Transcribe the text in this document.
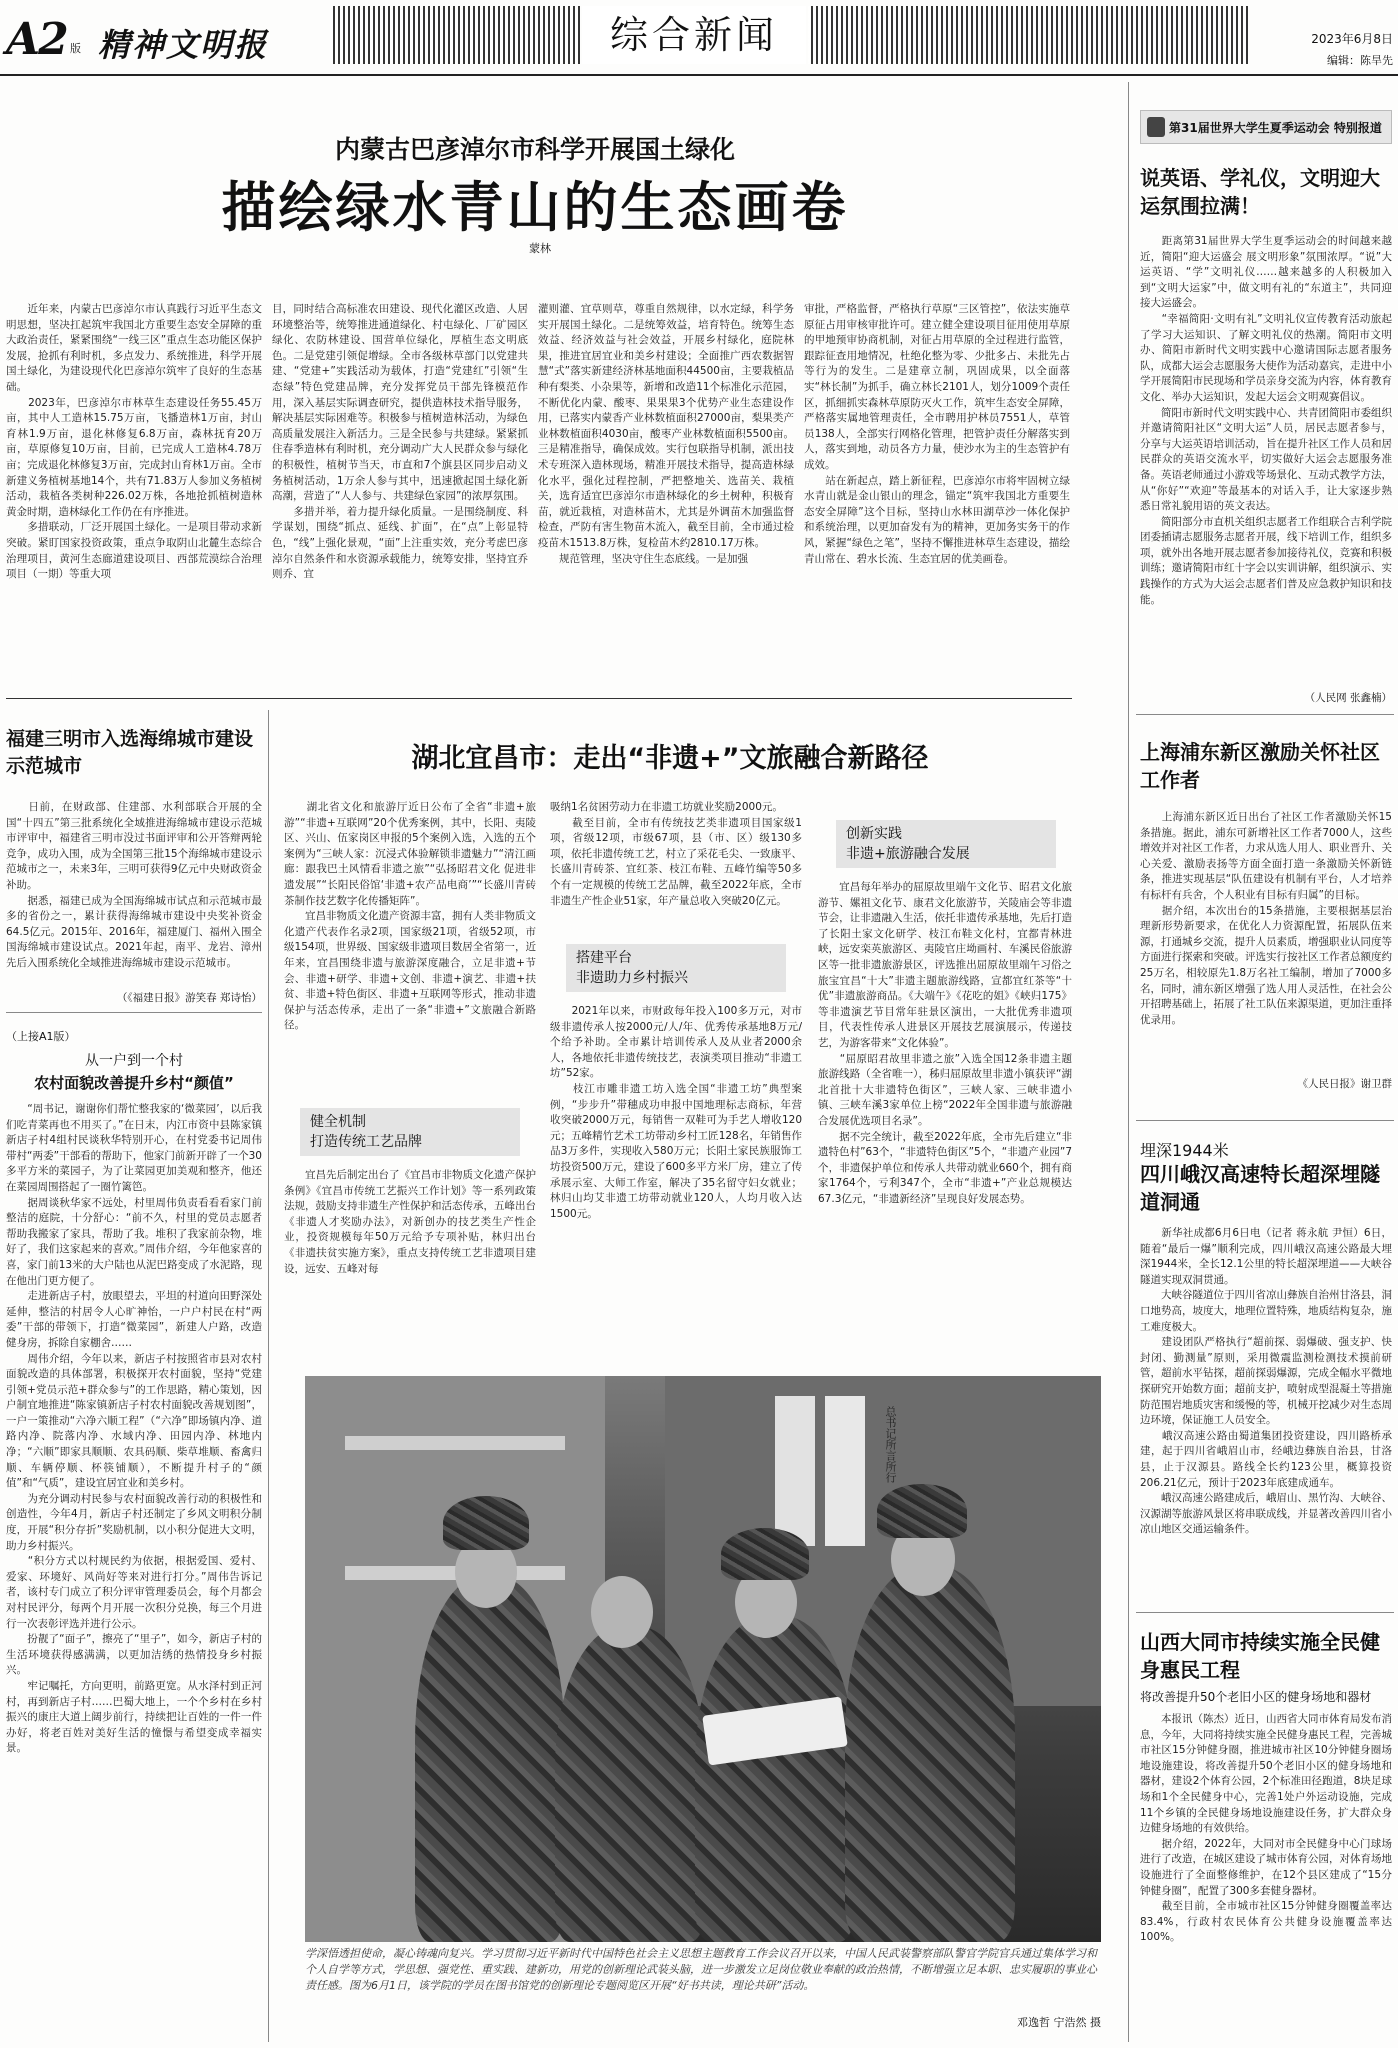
A2 版 精神文明报	综合新闻	2023年6月8日
编辑：陈旱先
内蒙古巴彦淖尔市科学开展国土绿化
描绘绿水青山的生态画卷
蒙林
　　近年来，内蒙古巴彦淖尔市认真践行习近平生态文明思想，坚决扛起筑牢我国北方重要生态安全屏障的重大政治责任，紧紧围绕“一线三区”重点生态功能区保护发展，抢抓有利时机，多点发力、系统推进，科学开展国土绿化，为建设现代化巴彦淖尔筑牢了良好的生态基础。
　　2023年，巴彦淖尔市林草生态建设任务55.45万亩，其中人工造林15.75万亩，飞播造林1万亩，封山育林1.9万亩，退化林修复6.8万亩，森林抚育20万亩，草原修复10万亩，目前，已完成人工造林4.78万亩；完成退化林修复3万亩，完成封山育林1万亩。全市新建义务植树基地14个，共有71.83万人参加义务植树活动，栽植各类树种226.02万株，各地抢抓植树造林黄金时期，造林绿化工作仍在有序推进。
　　多措联动，厂泛开展国土绿化。一是项目带动求新突破。紧盯国家投资政策，重点争取阴山北麓生态综合治理项目，黄河生态廊道建设项目、西部荒漠综合治理项目（一期）等重大项
目，同时结合高标准农田建设、现代化灌区改造、人居环境整治等，统筹推进通道绿化、村屯绿化、厂矿园区绿化、农防林建设、国营单位绿化，厚植生态文明底色。二是党建引领促增绿。全市各级林草部门以党建共建、“党建+”实践活动为载体，打造“党建红”引领“生态绿”特色党建品牌，充分发挥党员干部先锋模范作用，深入基层实际调查研究，提供造林技术指导服务，解决基层实际困难等。积极参与植树造林活动，为绿色高质量发展注入新活力。三是全民参与共建绿。紧紧抓住春季造林有利时机，充分调动广大人民群众参与绿化的积极性，植树节当天，市直和7个旗县区同步启动义务植树活动，1万余人参与其中，迅速掀起国土绿化新高潮，营造了“人人参与、共建绿色家园”的浓厚氛围。
　　多措并举，着力提升绿化质量。一是围绕制度、科学谋划，围绕“抓点、延线、扩面”，在“点”上彰显特色，“线”上强化景观，“面”上注重实效，充分考虑巴彦淖尔自然条件和水资源承载能力，统筹安排，坚持宜乔则乔、宜
灌则灌、宜草则草，尊重自然规律，以水定绿，科学务实开展国土绿化。二是统筹效益，培育特色。统筹生态效益、经济效益与社会效益，开展乡村绿化，庭院林果，推进宜居宜业和美乡村建设；全面推广西农数据智慧“式”落实新建经济林基地面积44500亩，主要栽植品种有梨类、小杂果等，新增和改造11个标准化示范园，不断优化内蒙、酸枣、果果果3个优势产业生态建设作用，已落实内蒙香产业林数植面积27000亩，梨果类产业林数植面积4030亩，酸枣产业林数植面积5500亩。三是精准指导，确保成效。实行包联指导机制，派出技术专班深入造林现场，精准开展技术指导，提高造林绿化水平，强化过程控制，严把整地关、选苗关、栽植关，选育适宜巴彦淖尔市造林绿化的乡土树种，积极育苗，就近栽植，对造林苗木，尤其是外调苗木加强监督检查，严防有害生物苗木流入，截至目前，全市通过检疫苗木1513.8万株，复检苗木约2810.17万株。
　　规范管理，坚决守住生态底线。一是加强
审批，严格监督，严格执行草原“三区管控”，依法实施草原征占用审核审批许可。建立健全建设项目征用使用草原的甲地预审协商机制，对征占用草原的全过程进行监管，跟踪征查用地情况，杜绝化整为零、少批多占、未批先占等行为的发生。二是建章立制，巩固成果，以全面落实“林长制”为抓手，确立林长2101人，划分1009个责任区，抓细抓实森林草原防灭火工作，筑牢生态安全屏障，严格落实属地管理责任，全市聘用护林员7551人，草管员138人，全部实行网格化管理，把管护责任分解落实到人，落实到地，动员各方力量，使沙水为主的生态管护有成效。
　　站在新起点，踏上新征程，巴彦淖尔市将牢固树立绿水青山就是金山银山的理念，锚定“筑牢我国北方重要生态安全屏障”这个目标，坚持山水林田湖草沙一体化保护和系统治理，以更加奋发有为的精神，更加务实务干的作风，紧握“绿色之笔”，坚持不懈推进林草生态建设，描绘青山常在、碧水长流、生态宜居的优美画卷。
第31届世界大学生夏季运动会 特别报道
说英语、学礼仪，文明迎大运氛围拉满！
　　距离第31届世界大学生夏季运动会的时间越来越近，简阳“迎大运盛会 展文明形象”氛围浓厚。“说”大运英语、“学”文明礼仪……越来越多的人积极加入到“文明大运家”中，做文明有礼的“东道主”，共同迎接大运盛会。
　　“幸福简阳·文明有礼”文明礼仪宣传教育活动旅起了学习大运知识、了解文明礼仪的热潮。简阳市文明办、简阳市新时代文明实践中心邀请国际志愿者服务队，成都大运会志愿服务大使作为活动嘉宾，走进中小学开展简阳市民现场和学员亲身交流为内容，体育教育文化、举办大运知识，发起大运会文明观赛倡议。
　　简阳市新时代文明实践中心、共青团简阳市委组织并邀请简阳社区“文明大运”人员，居民志愿者参与，分享与大运英语培训活动，旨在提升社区工作人员和居民群众的英语交流水平，切实做好大运会志愿服务准备。英语老师通过小游戏等场景化、互动式教学方法，从“你好”“欢迎”等最基本的对话入手，让大家逐步熟悉日常礼貌用语的英文表达。
　　简阳部分市直机关组织志愿者工作组联合吉利学院团委插请志愿服务志愿者开展，线下培训工作，组织多项，就外出各地开展志愿者参加接待礼仪，竞赛和积极训练；邀请简阳市红十字会以实训讲解，组织演示、实践操作的方式为大运会志愿者们普及应急救护知识和技能。
（人民网 张鑫楠）
上海浦东新区激励关怀社区工作者
　　上海浦东新区近日出台了社区工作者激励关怀15条措施。据此，浦东可新增社区工作者7000人，这些增效并对社区工作者，力求从选人用人、职业晋升、关心关爱、激励表扬等方面全面打造一条激励关怀新链条，推进实现基层“队伍建设有机制有平台，人才培养有标杆有兵舍，个人积业有目标有归属”的目标。
　　据介绍，本次出台的15条措施，主要根据基层治理新形势新要求，在优化人力资源配置，拓展队伍来源，打通城乡交流，提升人员素质，增强职业认同度等方面进行探索和突破。评选实行按社区工作者总额度约25万名，相较原先1.8万名社工编制，增加了7000多名，同时，浦东新区增强了选人用人灵活性，在社会公开招聘基础上，拓展了社工队伍来源渠道，更加注重择优录用。
《人民日报》谢卫群
埋深1944米
四川峨汉高速特长超深埋隧道洞通
　　新华社成都6月6日电（记者 蒋永航 尹恒）6日，随着“最后一爆”顺利完成，四川峨汉高速公路最大埋深1944米，全长12.1公里的特长超深埋道——大峡谷隧道实现双洞贯通。
　　大峡谷隧道位于四川省凉山彝族自治州甘洛县，洞口地势高，坡度大，地理位置特殊，地质结构复杂，施工难度极大。
　　建设团队严格执行“超前探、弱爆破、强支护、快封闭、勤测量”原则，采用微震监测检测技术摸前研管，超前水平钻探，超前探弱爆源，完成全幅水平微地探研究开始数方面；超前支护，喷射成型混凝土等措施防范围岩地质灾害和缓慢的等，机械开挖减少对生态周边环境，保证施工人员安全。
　　峨汉高速公路由蜀道集团投资建设，四川路桥承建，起于四川省峨眉山市，经峨边彝族自治县，甘洛县，止于汉源县。路线全长约123公里，概算投资206.21亿元，预计于2023年底建成通车。
　　峨汉高速公路建成后，峨眉山、黑竹沟、大峡谷、汉源湖等旅游风景区将串联成线，并显著改善四川省小凉山地区交通运输条件。
山西大同市持续实施全民健身惠民工程
将改善提升50个老旧小区的健身场地和器材
　　本报讯（陈杰）近日，山西省大同市体育局发布消息，今年，大同将持续实施全民健身惠民工程，完善城市社区15分钟健身圈，推进城市社区10分钟健身圈场地设施建设，将改善提升50个老旧小区的健身场地和器材，建设2个体育公园，2个标准田径跑道，8块足球场和1个全民健身中心，完善1处户外运动设施，完成11个乡镇的全民健身场地设施建设任务，扩大群众身边健身场地的有效供给。
　　据介绍，2022年，大同对市全民健身中心门球场进行了改造，在城区建设了城市体育公园，对体育场地设施进行了全面整修维护，在12个县区建成了“15分钟健身圈”，配置了300多套健身器材。
　　截至目前，全市城市社区15分钟健身圈覆盖率达83.4%，行政村农民体育公共健身设施覆盖率达100%。
福建三明市入选海绵城市建设示范城市
　　日前，在财政部、住建部、水利部联合开展的全国“十四五”第三批系统化全域推进海绵城市建设示范城市评审中，福建省三明市没过书面评审和公开答辩两轮竞争，成功入围，成为全国第三批15个海绵城市建设示范城市之一，未来3年，三明可获得9亿元中央财政资金补助。
　　据悉，福建已成为全国海绵城市试点和示范城市最多的省份之一，累计获得海绵城市建设中央奖补资金64.5亿元。2015年、2016年，福建厦门、福州入围全国海绵城市建设试点。2021年起，南平、龙岩、漳州先后入围系统化全域推进海绵城市建设示范城市。
（《福建日报》游笑春 郑诗怡）
（上接A1版）
从一户到一个村
农村面貌改善提升乡村“颜值”
　　“周书记，谢谢你们帮忙整我家的‘微菜园’，以后我们吃青菜再也不用买了。”在日末，内江市资中县陈家镇新店子村4组村民谈秋华特别开心，在村党委书记周伟带村“两委”干部看的帮助下，他家门前新开辟了一个30多平方米的菜园子，为了让菜园更加美观和整齐，他还在菜园周围搭起了一圈竹篱笆。
　　据周谈秋华家不远处，村里周伟负责看看看家门前整洁的庭院，十分舒心：“前不久，村里的党员志愿者帮助我搬家了家具，帮助了我。堆积了我家前杂物，堆好了，我们这家起来的喜欢。”周伟介绍，今年他家喜的喜，家门前13米的大户陆也从泥巴路变成了水泥路，现在他出门更方便了。
　　走进新店子村，放眼望去，平坦的村道向田野深处延伸，整洁的村居令人心旷神怡，一户户村民在村“两委”干部的带领下，打造“微菜园”，新建人户路，改造健身房，拆除自家棚舍……
　　周伟介绍，今年以来，新店子村按照省市县对农村面貌改造的具体部署，积极探开农村面貌，坚持“党建引领+党员示范+群众参与”的工作思路，精心策划，因户制宜地推进“陈家镇新店子村农村面貌改善规划图”，一户一策推动“六净六顺工程”（“六净”即场镇内净、道路内净、院落内净、水域内净、田园内净、林地内净；“六顺”即家具顺顺、农具码顺、柴草堆顺、畜禽归顺、车辆停顺、杯筷铺顺），不断提升村子的“颜值”和“气质”，建设宜居宜业和美乡村。
　　为充分调动村民参与农村面貌改善行动的积极性和创造性，今年4月，新店子村还制定了乡风文明积分制度，开展“积分存折”奖励机制，以小积分促进大文明，助力乡村振兴。
　　“积分方式以村规民约为依据，根据爱国、爱村、爱家、环境好、风尚好等来对进行打分。”周伟告诉记者，该村专门成立了积分评审管理委员会，每个月都会对村民评分，每两个月开展一次积分兑换，每三个月进行一次表彰评选并进行公示。
　　扮靓了“面子”，擦亮了“里子”，如今，新店子村的生活环境获得感满满，以更加洁绣的热情投身乡村振兴。
　　牢记嘱托，方向更明，前路更宽。从水泽村到正河村，再到新店子村……巴蜀大地上，一个个乡村在乡村振兴的康庄大道上阔步前行，持续把让百姓的一件一件办好，将老百姓对美好生活的憧憬与希望变成幸福实景。
湖北宜昌市：走出“非遗+”文旅融合新路径
　　湖北省文化和旅游厅近日公布了全省“非遗+旅游”“非遗+互联网”20个优秀案例，其中，长阳、夷陵区、兴山、伍家岗区申报的5个案例入选，入选的五个案例为“三峡人家：沉浸式体验解锁非遗魅力”“清江画廊：跟我巴土风情看非遗之旅”“弘扬昭君文化 促进非遗发展”“长阳民俗馆‘非遗+农产品电商’”“长盛川青砖茶制作技艺数字化传播矩阵”。
　　宜昌非物质文化遗产资源丰富，拥有人类非物质文化遗产代表作名录2项，国家级21项，省级52项，市级154项，世界级、国家级非遗项目数居全省第一，近年来，宜昌围绕非遗与旅游深度融合，立足非遗+节会、非遗+研学、非遗+文创、非遗+演艺、非遗+扶贫、非遗+特色街区、非遗+互联网等形式，推动非遗保护与活态传承，走出了一条“非遗+”文旅融合新路径。
健全机制
打造传统工艺品牌
　　宜昌先后制定出台了《宜昌市非物质文化遗产保护条例》《宜昌市传统工艺振兴工作计划》等一系列政策法规，鼓励支持非遗生产性保护和活态传承，五峰出台《非遗人才奖励办法》，对新创办的技艺类生产性企业，投资规模每年50万元给予专项补贴，林归出台《非遗扶贫实施方案》，重点支持传统工艺非遗项目建设，远安、五峰对每
吸纳1名贫困劳动力在非遗工坊就业奖励2000元。
　　截至目前，全市有传统技艺类非遗项目国家级1项，省级12项，市级67项，县（市、区）级130多项，依托非遗传统工艺，村立了采花毛尖、一致康平、长盛川青砖茶、宜红茶、枝江布鞋、五峰竹编等50多个有一定规模的传统工艺品牌，截至2022年底，全市非遗生产性企业51家，年产量总收入突破20亿元。
搭建平台
非遗助力乡村振兴
　　2021年以来，市财政每年投入100多万元，对市级非遗传承人按2000元/人/年、优秀传承基地8万元/个给予补助。全市累计培训传承人及从业者2000余人，各地依托非遗传统技艺，表演类项目推动“非遗工坊”52家。
　　枝江市雕非遗工坊入选全国“非遗工坊”典型案例，“步步升”带穗成功申报中国地理标志商标，年营收突破2000万元，每销售一双鞋可为手艺人增收120元；五峰精竹艺术工坊带动乡村工匠128名，年销售作品3万多件，实现收入580万元；长阳土家民族服饰工坊投资500万元，建设了600多平方米厂房，建立了传承展示室、大师工作室，解决了35名留守妇女就业；林归山均艾非遗工坊带动就业120人，人均月收入达1500元。
创新实践
非遗+旅游融合发展
　　宜昌每年举办的屈原故里端午文化节、昭君文化旅游节、嫘祖文化节、康君文化旅游节，关陵庙会等非遗节会，让非遗融入生活，依托非遗传承基地，先后打造了长阳土家文化研学、枝江布鞋文化村，宜都青林进峡，远安栾英旅游区、夷陵官庄坳画村、车溪民俗旅游区等一批非遗旅游景区，评选推出屈原故里端午习俗之旅宝宜昌“十大”非遗主题旅游线路，宣都宜红茶等“十优”非遗旅游商品。《大端午》《花吃的姐》《峡归175》等非遗演艺节目常年驻景区演出，一大批优秀非遗项目，代表性传承人进景区开展技艺展演展示，传递技艺，为游客带来“文化体验”。
　　“屈原昭君故里非遗之旅”入选全国12条非遗主题旅游线路（全省唯一），秭归屈原故里非遗小镇获评“湖北首批十大非遗特色街区”，三峡人家、三峡非遗小镇、三峡车溪3家单位上榜“2022年全国非遗与旅游融合发展优选项目名录”。
　　据不完全统计，截至2022年底，全市先后建立“非遗特色村”63个，“非遗特色街区”5个，“非遗产业园”7个，非遗保护单位和传承人共带动就业660个，拥有商家1764个，亏利347个，全市“非遗+”产业总规模达67.3亿元，“非遗新经济”呈现良好发展态势。
总书记所言所行
学深悟透担使命，凝心铸魂向复兴。学习贯彻习近平新时代中国特色社会主义思想主题教育工作会议召开以来，中国人民武装警察部队警官学院官兵通过集体学习和个人自学等方式，学思想、强党性、重实践、建新功，用党的创新理论武装头脑，进一步激发立足岗位敬业奉献的政治热情，不断增强立足本职、忠实履职的事业心责任感。图为6月1日，该学院的学员在图书馆党的创新理论专题阅览区开展“好书共读，理论共研”活动。
邓逸哲 宁浩然 摄
